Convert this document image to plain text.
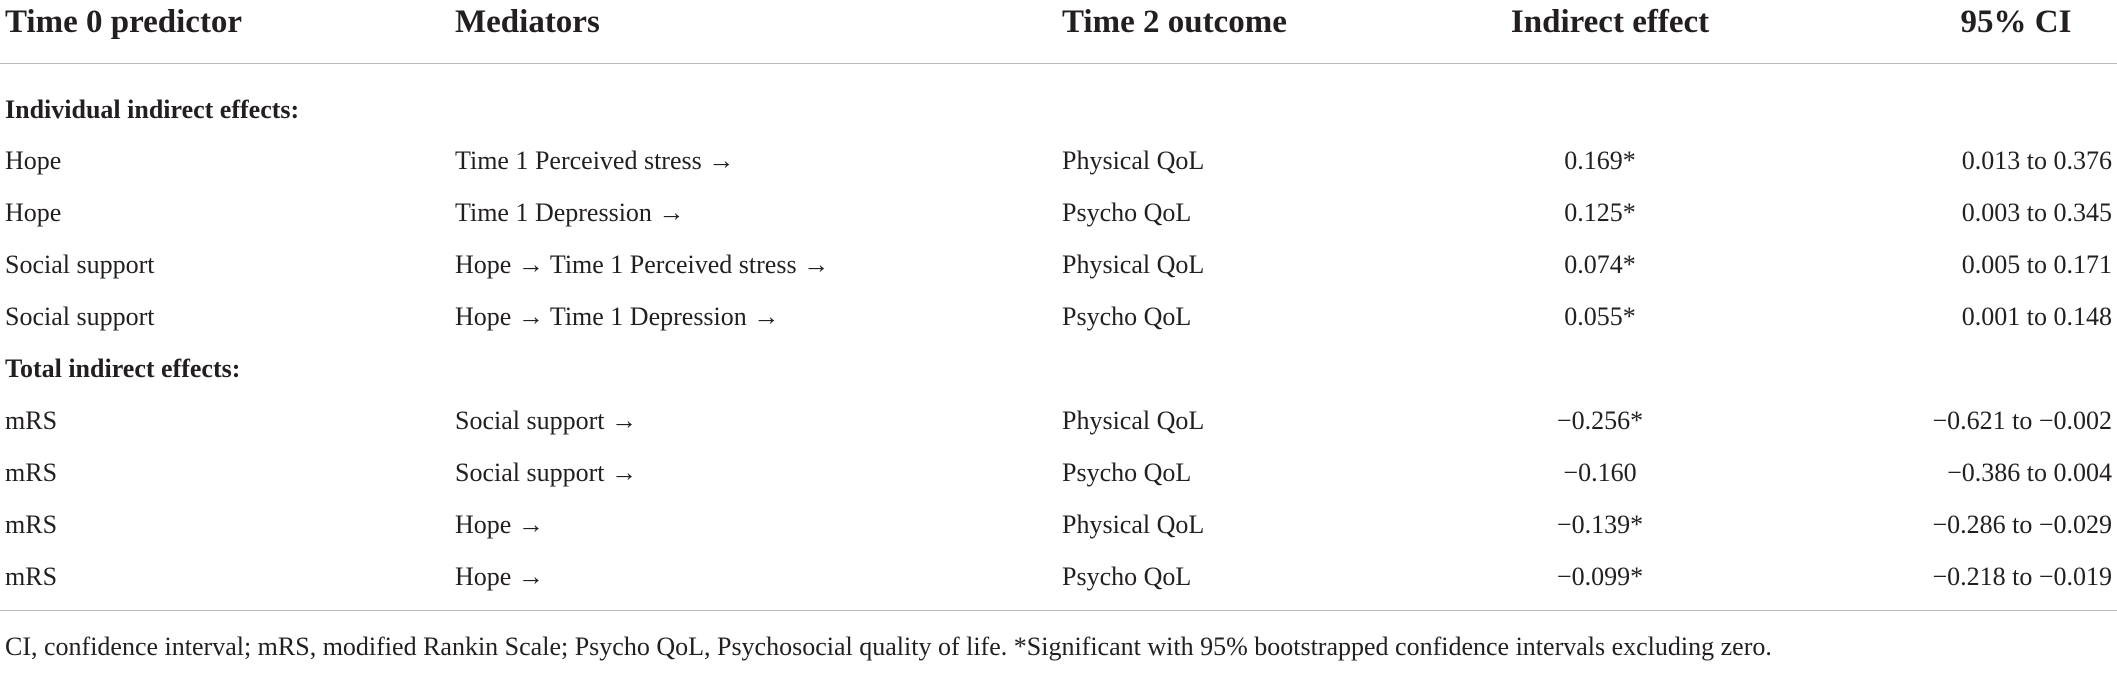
Time 0 predictor	Mediators	Time 2 outcome	Indirect effect	95% CI
Individual indirect effects:
Hope	Time 1 Perceived stress →	Physical QoL	0.169*	0.013 to 0.376
Hope	Time 1 Depression →	Psycho QoL	0.125*	0.003 to 0.345
Social support	Hope → Time 1 Perceived stress →	Physical QoL	0.074*	0.005 to 0.171
Social support	Hope → Time 1 Depression →	Psycho QoL	0.055*	0.001 to 0.148
Total indirect effects:
mRS	Social support →	Physical QoL	−0.256*	−0.621 to −0.002
mRS	Social support →	Psycho QoL	−0.160	−0.386 to 0.004
mRS	Hope →	Physical QoL	−0.139*	−0.286 to −0.029
mRS	Hope →	Psycho QoL	−0.099*	−0.218 to −0.019
CI, confidence interval; mRS, modified Rankin Scale; Psycho QoL, Psychosocial quality of life. *Significant with 95% bootstrapped confidence intervals excluding zero.
